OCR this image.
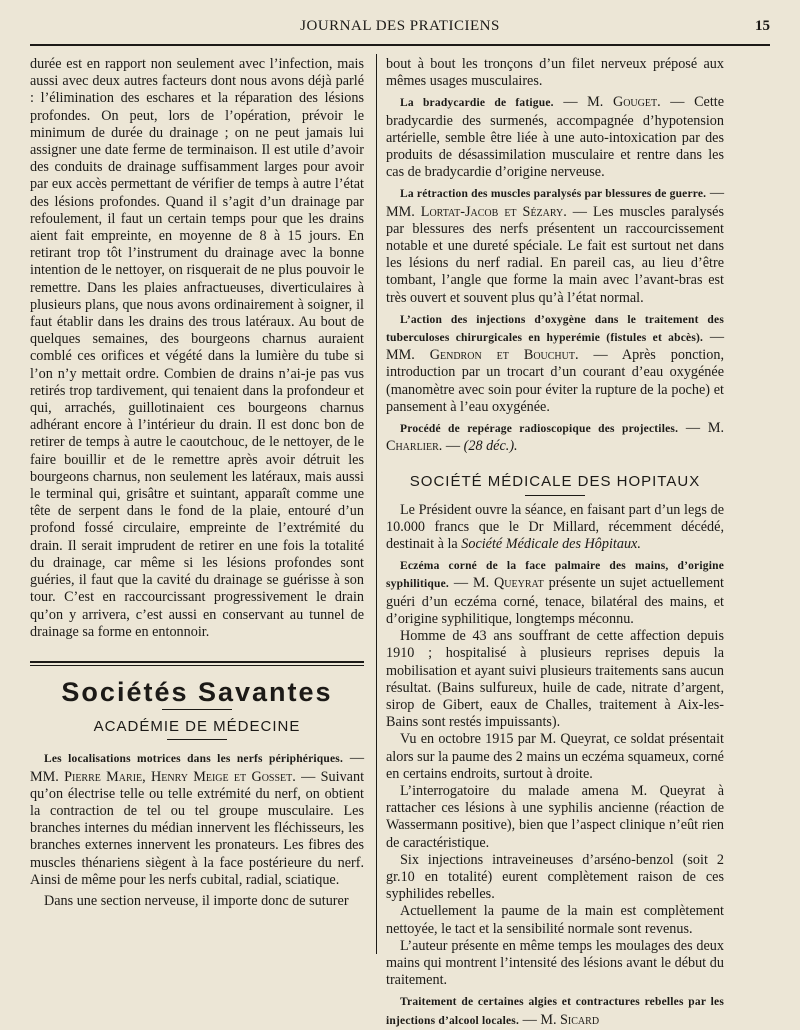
JOURNAL DES PRATICIENS	15

durée est en rapport non seulement avec l’infection, mais aussi avec deux autres facteurs dont nous avons déjà parlé : l’élimination des eschares et la réparation des lésions profondes. On peut, lors de l’opération, prévoir le minimum de durée du drainage ; on ne peut jamais lui assigner une date ferme de terminaison. Il est utile d’avoir des conduits de drainage suffisamment larges pour avoir par eux accès permettant de vérifier de temps à autre l’état des lésions profondes. Quand il s’agit d’un drainage par refoulement, il faut un certain temps pour que les drains aient fait empreinte, en moyenne de 8 à 15 jours. En retirant trop tôt l’instrument du drainage avec la bonne intention de le nettoyer, on risquerait de ne plus pouvoir le remettre. Dans les plaies anfractueuses, diverticulaires à plusieurs plans, que nous avons ordinairement à soigner, il faut établir dans les drains des trous latéraux. Au bout de quelques semaines, des bourgeons charnus auraient comblé ces orifices et végété dans la lumière du tube si l’on n’y mettait ordre. Combien de drains n’ai-je pas vus retirés trop tardivement, qui tenaient dans la profondeur et qui, arrachés, guillotinaient ces bourgeons charnus adhérant encore à l’intérieur du drain. Il est donc bon de retirer de temps à autre le caoutchouc, de le nettoyer, de le faire bouillir et de le remettre après avoir détruit les bourgeons charnus, non seulement les latéraux, mais aussi le terminal qui, grisâtre et suintant, apparaît comme une tête de serpent dans le fond de la plaie, entouré d’un profond fossé circulaire, empreinte de l’extrémité du drain. Il serait imprudent de retirer en une fois la totalité du drainage, car même si les lésions profondes sont guéries, il faut que la cavité du drainage se guérisse à son tour. C’est en raccourcissant progressivement le drain qu’on y arrivera, c’est aussi en conservant au tunnel de drainage sa forme en entonnoir.

Sociétés Savantes
ACADÉMIE DE MÉDECINE

Les localisations motrices dans les nerfs périphériques. — MM. Pierre Marie, Henry Meige et Gosset. — Suivant qu’on électrise telle ou telle extrémité du nerf, on obtient la contraction de tel ou tel groupe musculaire. Les branches internes du médian innervent les fléchisseurs, les branches externes innervent les pronateurs. Les fibres des muscles thénariens siègent à la face postérieure du nerf. Ainsi de même pour les nerfs cubital, radial, sciatique.

Dans une section nerveuse, il importe donc de suturer

bout à bout les tronçons d’un filet nerveux préposé aux mêmes usages musculaires.

La bradycardie de fatigue. — M. Gouget. — Cette bradycardie des surmenés, accompagnée d’hypotension artérielle, semble être liée à une auto-intoxication par des produits de désassimilation musculaire et rentre dans les cas de bradycardie d’origine nerveuse.

La rétraction des muscles paralysés par blessures de guerre. — MM. Lortat-Jacob et Sézary. — Les muscles paralysés par blessures des nerfs présentent un raccourcissement notable et une dureté spéciale. Le fait est surtout net dans les lésions du nerf radial. En pareil cas, au lieu d’être tombant, l’angle que forme la main avec l’avant-bras est très ouvert et souvent plus qu’à l’état normal.

L’action des injections d’oxygène dans le traitement des tuberculoses chirurgicales en hyperémie (fistules et abcès). — MM. Gendron et Bouchut. — Après ponction, introduction par un trocart d’un courant d’eau oxygénée (manomètre avec soin pour éviter la rupture de la poche) et pansement à l’eau oxygénée.

Procédé de repérage radioscopique des projectiles. — M. Charlier. — (28 déc.).

SOCIÉTÉ MÉDICALE DES HOPITAUX

Le Président ouvre la séance, en faisant part d’un legs de 10.000 francs que le Dr Millard, récemment décédé, destinait à la Société Médicale des Hôpitaux.

Eczéma corné de la face palmaire des mains, d’origine syphilitique. — M. Queyrat présente un sujet actuellement guéri d’un eczéma corné, tenace, bilatéral des mains, et d’origine syphilitique, longtemps méconnu.

Homme de 43 ans souffrant de cette affection depuis 1910 ; hospitalisé à plusieurs reprises depuis la mobilisation et ayant suivi plusieurs traitements sans aucun résultat. (Bains sulfureux, huile de cade, nitrate d’argent, sirop de Gibert, eaux de Challes, traitement à Aix-les-Bains sont restés impuissants).

Vu en octobre 1915 par M. Queyrat, ce soldat présentait alors sur la paume des 2 mains un eczéma squameux, corné en certains endroits, surtout à droite.

L’interrogatoire du malade amena M. Queyrat à rattacher ces lésions à une syphilis ancienne (réaction de Wassermann positive), bien que l’aspect clinique n’eût rien de caractéristique.

Six injections intraveineuses d’arséno-benzol (soit 2 gr.10 en totalité) eurent complètement raison de ces syphilides rebelles.

Actuellement la paume de la main est complètement nettoyée, le tact et la sensibilité normale sont revenus.

L’auteur présente en même temps les moulages des deux mains qui montrent l’intensité des lésions avant le début du traitement.

Traitement de certaines algies et contractures rebelles par les injections d’alcool locales. — M. Sicard
